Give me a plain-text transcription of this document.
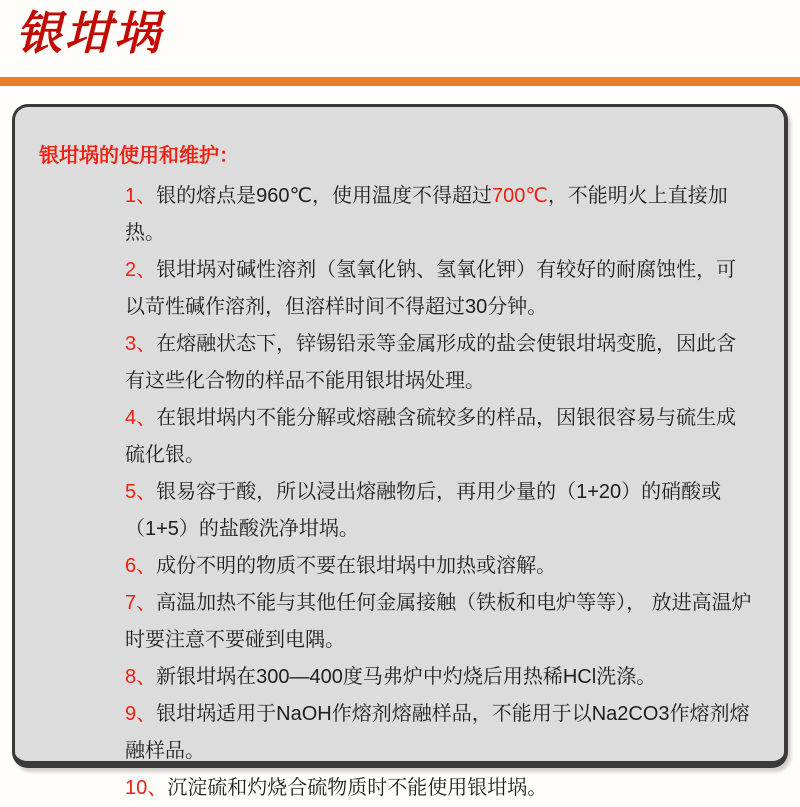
银坩埚
银坩埚的使用和维护：
1、银的熔点是960℃，使用温度不得超过700℃，不能明火上直接加热。
2、银坩埚对碱性溶剂（氢氧化钠、氢氧化钾）有较好的耐腐蚀性，可以苛性碱作溶剂，但溶样时间不得超过30分钟。
3、在熔融状态下，锌锡铅汞等金属形成的盐会使银坩埚变脆，因此含有这些化合物的样品不能用银坩埚处理。
4、在银坩埚内不能分解或熔融含硫较多的样品，因银很容易与硫生成硫化银。
5、银易容于酸，所以浸出熔融物后，再用少量的（1+20）的硝酸或（1+5）的盐酸洗净坩埚。
6、成份不明的物质不要在银坩埚中加热或溶解。
7、高温加热不能与其他任何金属接触（铁板和电炉等等）， 放进高温炉时要注意不要碰到电隅。
8、新银坩埚在300—400度马弗炉中灼烧后用热稀HCl洗涤。
9、银坩埚适用于NaOH作熔剂熔融样品，不能用于以Na2CO3作熔剂熔融样品。
10、沉淀硫和灼烧合硫物质时不能使用银坩埚。
